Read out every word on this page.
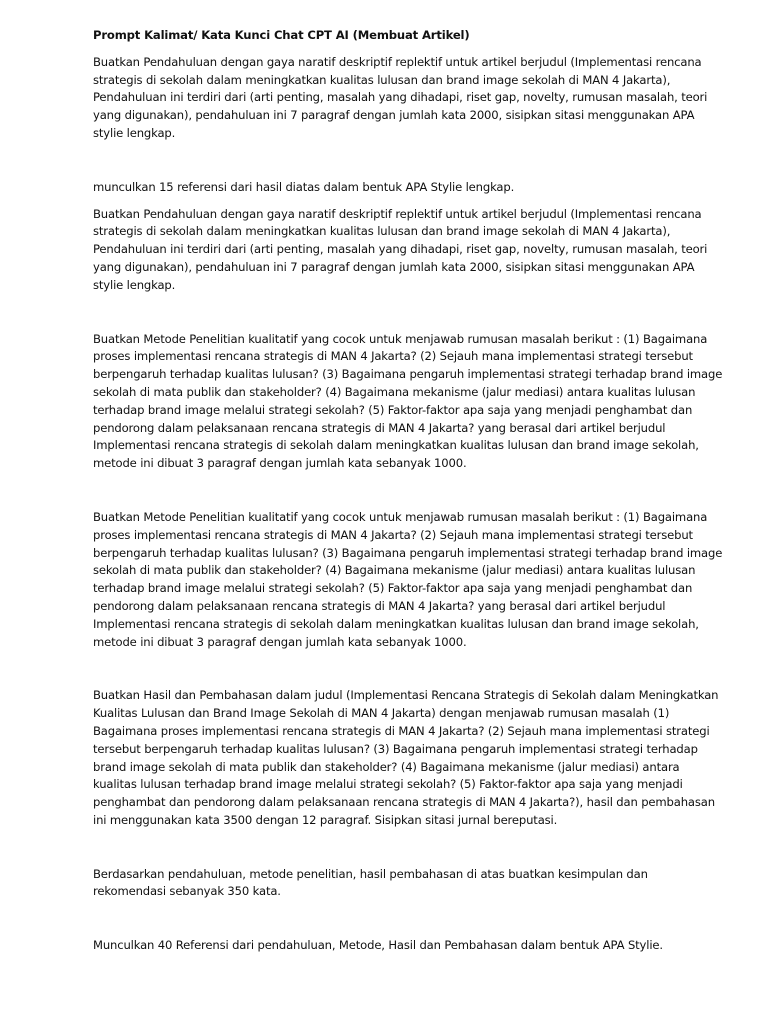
Prompt Kalimat/ Kata Kunci Chat CPT AI (Membuat Artikel)

Buatkan Pendahuluan dengan gaya naratif deskriptif replektif untuk artikel berjudul (Implementasi rencana strategis di sekolah dalam meningkatkan kualitas lulusan dan brand image sekolah di MAN 4 Jakarta), Pendahuluan ini terdiri dari (arti penting, masalah yang dihadapi, riset gap, novelty, rumusan masalah, teori yang digunakan), pendahuluan ini 7 paragraf dengan jumlah kata 2000, sisipkan sitasi menggunakan APA stylie lengkap.

munculkan 15 referensi dari hasil diatas dalam bentuk APA Stylie lengkap.

Buatkan Pendahuluan dengan gaya naratif deskriptif replektif untuk artikel berjudul (Implementasi rencana strategis di sekolah dalam meningkatkan kualitas lulusan dan brand image sekolah di MAN 4 Jakarta), Pendahuluan ini terdiri dari (arti penting, masalah yang dihadapi, riset gap, novelty, rumusan masalah, teori yang digunakan), pendahuluan ini 7 paragraf dengan jumlah kata 2000, sisipkan sitasi menggunakan APA stylie lengkap.

Buatkan Metode Penelitian kualitatif yang cocok untuk menjawab rumusan masalah berikut : (1) Bagaimana proses implementasi rencana strategis di MAN 4 Jakarta? (2) Sejauh mana implementasi strategi tersebut berpengaruh terhadap kualitas lulusan? (3) Bagaimana pengaruh implementasi strategi terhadap brand image sekolah di mata publik dan stakeholder? (4) Bagaimana mekanisme (jalur mediasi) antara kualitas lulusan terhadap brand image melalui strategi sekolah? (5) Faktor-faktor apa saja yang menjadi penghambat dan pendorong dalam pelaksanaan rencana strategis di MAN 4 Jakarta? yang berasal dari artikel berjudul Implementasi rencana strategis di sekolah dalam meningkatkan kualitas lulusan dan brand image sekolah, metode ini dibuat 3 paragraf dengan jumlah kata sebanyak 1000.

Buatkan Metode Penelitian kualitatif yang cocok untuk menjawab rumusan masalah berikut : (1) Bagaimana proses implementasi rencana strategis di MAN 4 Jakarta? (2) Sejauh mana implementasi strategi tersebut berpengaruh terhadap kualitas lulusan? (3) Bagaimana pengaruh implementasi strategi terhadap brand image sekolah di mata publik dan stakeholder? (4) Bagaimana mekanisme (jalur mediasi) antara kualitas lulusan terhadap brand image melalui strategi sekolah? (5) Faktor-faktor apa saja yang menjadi penghambat dan pendorong dalam pelaksanaan rencana strategis di MAN 4 Jakarta? yang berasal dari artikel berjudul Implementasi rencana strategis di sekolah dalam meningkatkan kualitas lulusan dan brand image sekolah, metode ini dibuat 3 paragraf dengan jumlah kata sebanyak 1000.

Buatkan Hasil dan Pembahasan dalam judul (Implementasi Rencana Strategis di Sekolah dalam Meningkatkan Kualitas Lulusan dan Brand Image Sekolah di MAN 4 Jakarta) dengan menjawab rumusan masalah (1) Bagaimana proses implementasi rencana strategis di MAN 4 Jakarta? (2) Sejauh mana implementasi strategi tersebut berpengaruh terhadap kualitas lulusan? (3) Bagaimana pengaruh implementasi strategi terhadap brand image sekolah di mata publik dan stakeholder? (4) Bagaimana mekanisme (jalur mediasi) antara kualitas lulusan terhadap brand image melalui strategi sekolah? (5) Faktor-faktor apa saja yang menjadi penghambat dan pendorong dalam pelaksanaan rencana strategis di MAN 4 Jakarta?), hasil dan pembahasan ini menggunakan kata 3500 dengan 12 paragraf. Sisipkan sitasi jurnal bereputasi.

Berdasarkan pendahuluan, metode penelitian, hasil pembahasan di atas buatkan kesimpulan dan rekomendasi sebanyak 350 kata.

Munculkan 40 Referensi dari pendahuluan, Metode, Hasil dan Pembahasan dalam bentuk APA Stylie.
